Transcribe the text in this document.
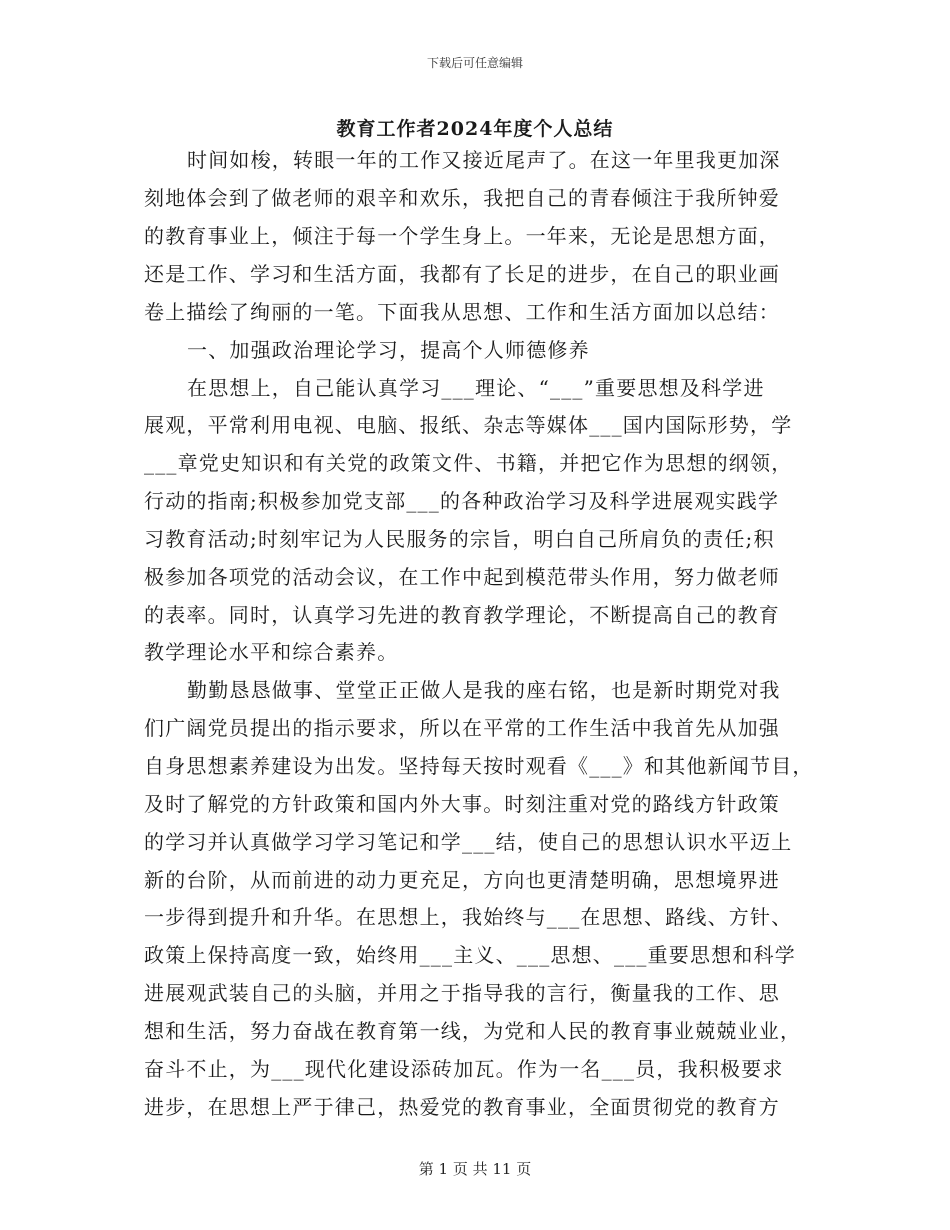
下载后可任意编辑
教育工作者2024年度个人总结
时间如梭，转眼一年的工作又接近尾声了。在这一年里我更加深
刻地体会到了做老师的艰辛和欢乐，我把自己的青春倾注于我所钟爱
的教育事业上，倾注于每一个学生身上。一年来，无论是思想方面，
还是工作、学习和生活方面，我都有了长足的进步，在自己的职业画
卷上描绘了绚丽的一笔。下面我从思想、工作和生活方面加以总结：
一、加强政治理论学习，提高个人师德修养
在思想上，自己能认真学习___理论、“___”重要思想及科学进
展观，平常利用电视、电脑、报纸、杂志等媒体___国内国际形势，学
___章党史知识和有关党的政策文件、书籍，并把它作为思想的纲领，
行动的指南;积极参加党支部___的各种政治学习及科学进展观实践学
习教育活动;时刻牢记为人民服务的宗旨，明白自己所肩负的责任;积
极参加各项党的活动会议，在工作中起到模范带头作用，努力做老师
的表率。同时，认真学习先进的教育教学理论，不断提高自己的教育
教学理论水平和综合素养。
勤勤恳恳做事、堂堂正正做人是我的座右铭，也是新时期党对我
们广阔党员提出的指示要求，所以在平常的工作生活中我首先从加强
自身思想素养建设为出发。坚持每天按时观看《___》和其他新闻节目，
及时了解党的方针政策和国内外大事。时刻注重对党的路线方针政策
的学习并认真做学习学习笔记和学___结，使自己的思想认识水平迈上
新的台阶，从而前进的动力更充足，方向也更清楚明确，思想境界进
一步得到提升和升华。在思想上，我始终与___在思想、路线、方针、
政策上保持高度一致，始终用___主义、___思想、___重要思想和科学
进展观武装自己的头脑，并用之于指导我的言行，衡量我的工作、思
想和生活，努力奋战在教育第一线，为党和人民的教育事业兢兢业业，
奋斗不止，为___现代化建设添砖加瓦。作为一名___员，我积极要求
进步，在思想上严于律己，热爱党的教育事业，全面贯彻党的教育方
第 1 页 共 11 页
